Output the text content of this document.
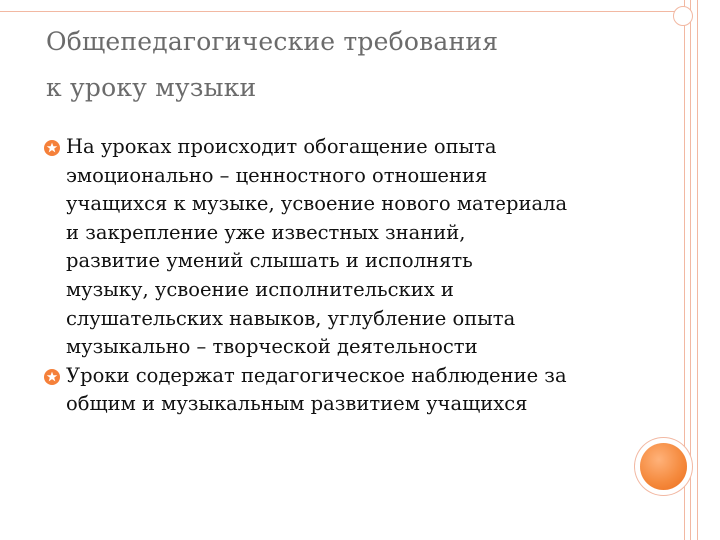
Общепедагогические требования
к уроку музыки
На уроках происходит обогащение опыта
эмоционально – ценностного отношения
учащихся к музыке, усвоение нового материала
и закрепление уже известных знаний,
развитие умений слышать и исполнять
музыку, усвоение исполнительских и
слушательских навыков, углубление опыта
музыкально – творческой деятельности
Уроки содержат педагогическое наблюдение за
общим и музыкальным развитием учащихся
